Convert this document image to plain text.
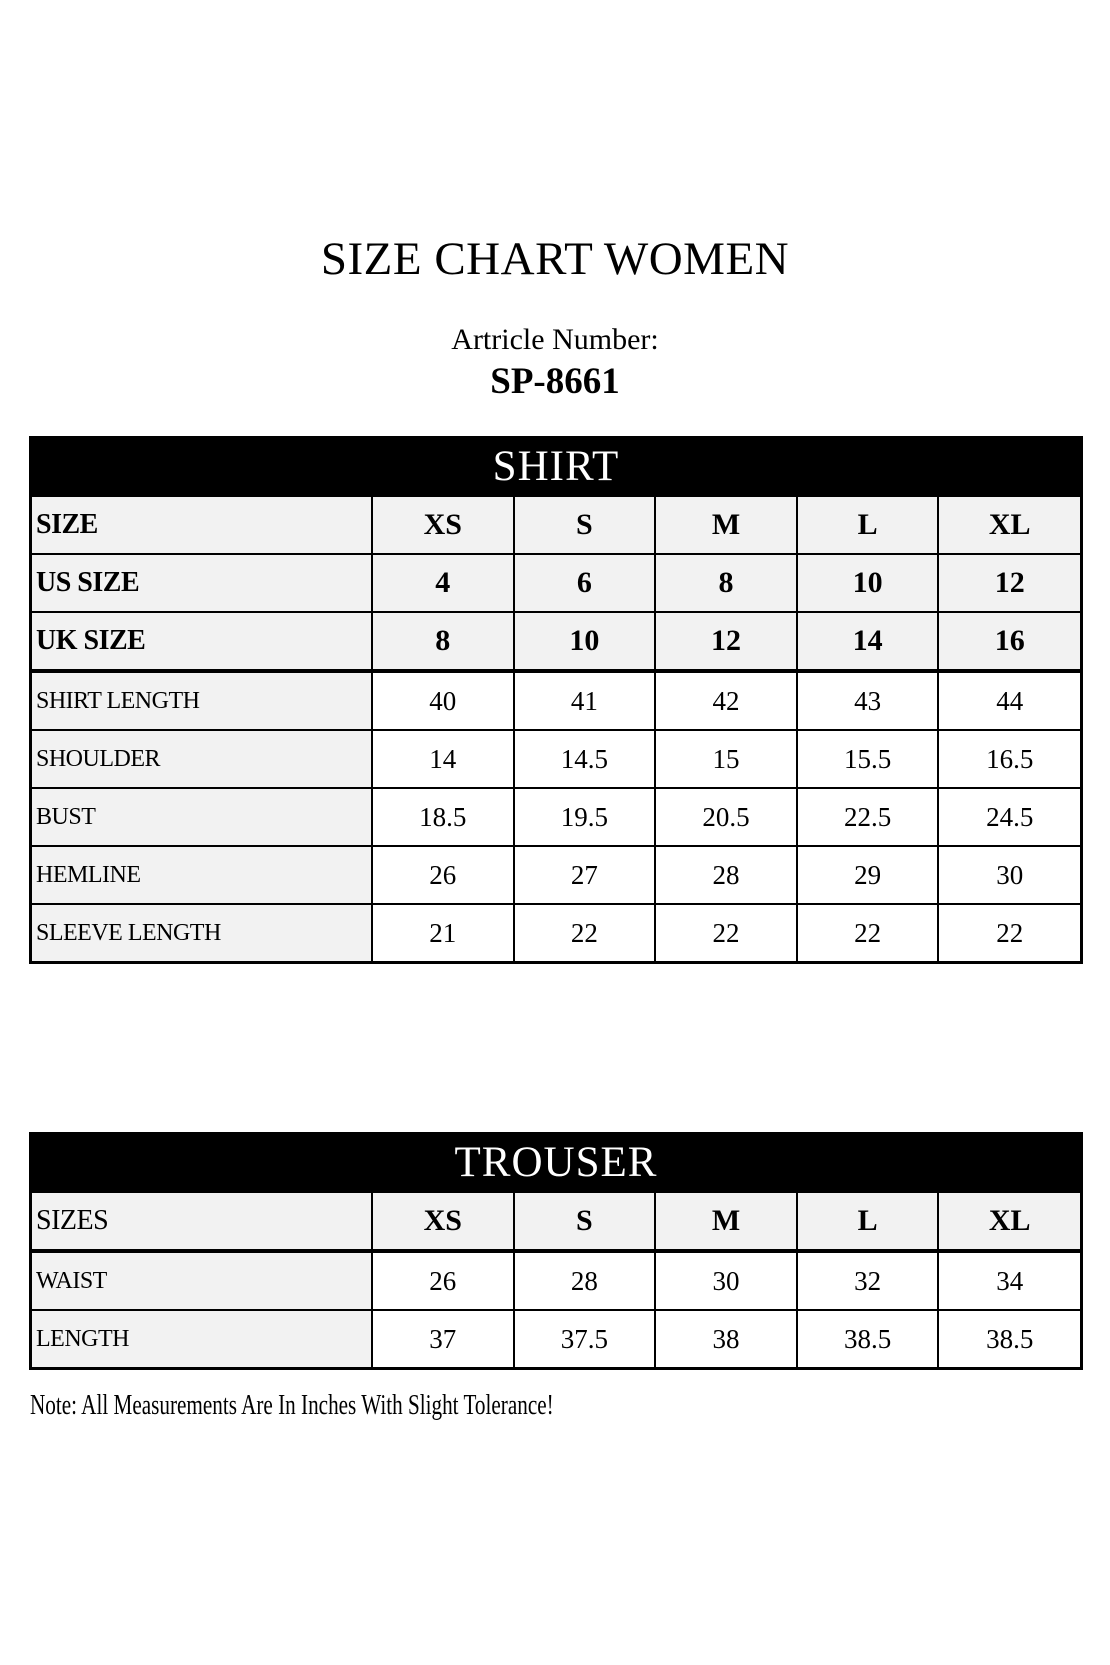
SIZE CHART WOMEN
Artricle Number:
SP-8661
SHIRT
SIZE	XS	S	M	L	XL
US SIZE	4	6	8	10	12
UK SIZE	8	10	12	14	16
SHIRT LENGTH	40	41	42	43	44
SHOULDER	14	14.5	15	15.5	16.5
BUST	18.5	19.5	20.5	22.5	24.5
HEMLINE	26	27	28	29	30
SLEEVE LENGTH	21	22	22	22	22
TROUSER
SIZES	XS	S	M	L	XL
WAIST	26	28	30	32	34
LENGTH	37	37.5	38	38.5	38.5

Note: All Measurements Are In Inches With Slight Tolerance!
